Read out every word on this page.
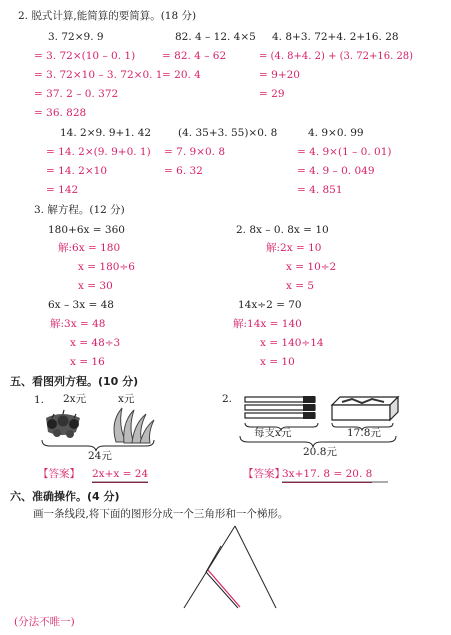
2. 脱式计算,能简算的要简算。(18 分)
3. 72×9. 9
= 3. 72×(10 – 0. 1)
= 3. 72×10 – 3. 72×0. 1
= 37. 2 – 0. 372
= 36. 828
82. 4 – 12. 4×5
= 82. 4 – 62
= 20. 4
4. 8+3. 72+4. 2+16. 28
= (4. 8+4. 2) + (3. 72+16. 28)
= 9+20
= 29
14. 2×9. 9+1. 42
= 14. 2×(9. 9+0. 1)
= 14. 2×10
= 142
(4. 35+3. 55)×0. 8
= 7. 9×0. 8
= 6. 32
4. 9×0. 99
= 4. 9×(1 – 0. 01)
= 4. 9 – 0. 049
= 4. 851
3. 解方程。(12 分)
180+6x = 360
解:6x = 180
x = 180÷6
x = 30
2. 8x – 0. 8x = 10
解:2x = 10
x = 10÷2
x = 5
6x – 3x = 48
解:3x = 48
x = 48÷3
x = 16
14x÷2 = 70
解:14x = 140
x = 140÷14
x = 10
五、看图列方程。(10 分)
1. 2x元	x元
24元
【答案】 2x+x = 24
2.
每支x元	17.8元
20.8元
【答案】
3x+17. 8 = 20. 8
六、准确操作。(4 分)
画一条线段,将下面的图形分成一个三角形和一个梯形。
(分法不唯一)
